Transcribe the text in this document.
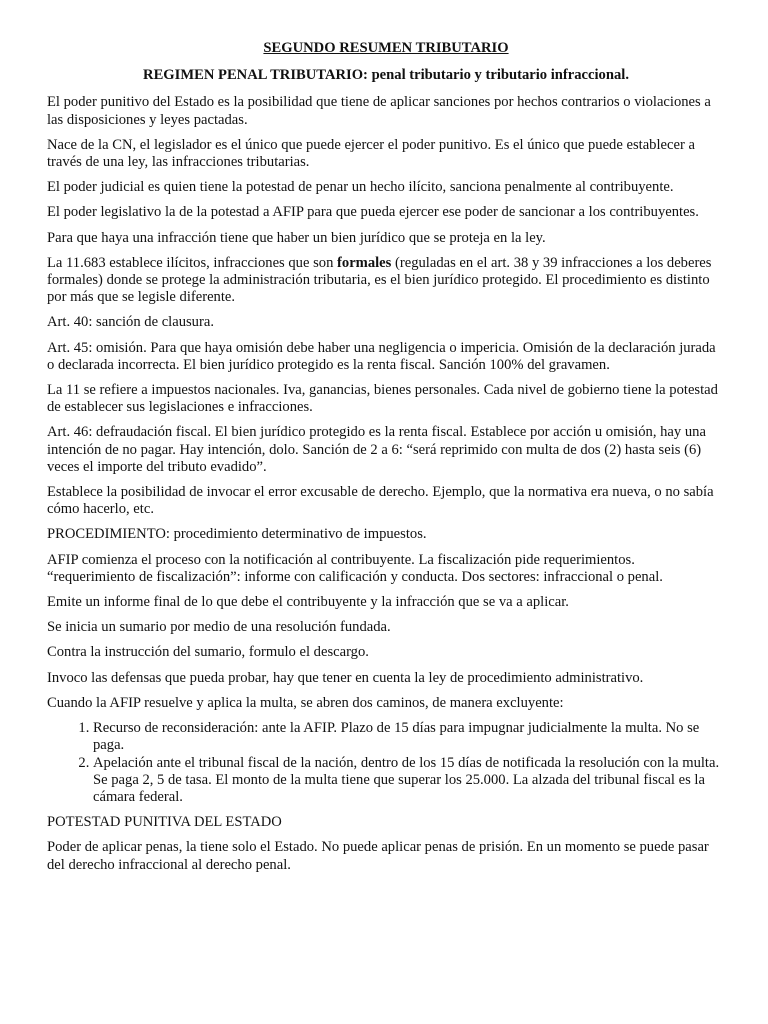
SEGUNDO RESUMEN TRIBUTARIO
REGIMEN PENAL TRIBUTARIO: penal tributario y tributario infraccional.

El poder punitivo del Estado es la posibilidad que tiene de aplicar sanciones por hechos contrarios o violaciones a las disposiciones y leyes pactadas.

Nace de la CN, el legislador es el único que puede ejercer el poder punitivo. Es el único que puede establecer a través de una ley, las infracciones tributarias.

El poder judicial es quien tiene la potestad de penar un hecho ilícito, sanciona penalmente al contribuyente.

El poder legislativo la de la potestad a AFIP para que pueda ejercer ese poder de sancionar a los contribuyentes.

Para que haya una infracción tiene que haber un bien jurídico que se proteja en la ley.

La 11.683 establece ilícitos, infracciones que son formales (reguladas en el art. 38 y 39 infracciones a los deberes formales) donde se protege la administración tributaria, es el bien jurídico protegido. El procedimiento es distinto por más que se legisle diferente.

Art. 40: sanción de clausura.

Art. 45: omisión. Para que haya omisión debe haber una negligencia o impericia. Omisión de la declaración jurada o declarada incorrecta. El bien jurídico protegido es la renta fiscal. Sanción 100% del gravamen.

La 11 se refiere a impuestos nacionales. Iva, ganancias, bienes personales. Cada nivel de gobierno tiene la potestad de establecer sus legislaciones e infracciones.

Art. 46: defraudación fiscal. El bien jurídico protegido es la renta fiscal. Establece por acción u omisión, hay una intención de no pagar. Hay intención, dolo. Sanción de 2 a 6: “será reprimido con multa de dos (2) hasta seis (6) veces el importe del tributo evadido”.

Establece la posibilidad de invocar el error excusable de derecho. Ejemplo, que la normativa era nueva, o no sabía cómo hacerlo, etc.

PROCEDIMIENTO: procedimiento determinativo de impuestos.

AFIP comienza el proceso con la notificación al contribuyente. La fiscalización pide requerimientos. “requerimiento de fiscalización”: informe con calificación y conducta. Dos sectores: infraccional o penal.

Emite un informe final de lo que debe el contribuyente y la infracción que se va a aplicar.

Se inicia un sumario por medio de una resolución fundada.

Contra la instrucción del sumario, formulo el descargo.

Invoco las defensas que pueda probar, hay que tener en cuenta la ley de procedimiento administrativo.

Cuando la AFIP resuelve y aplica la multa, se abren dos caminos, de manera excluyente:

1. Recurso de reconsideración: ante la AFIP. Plazo de 15 días para impugnar judicialmente la multa. No se paga.
2. Apelación ante el tribunal fiscal de la nación, dentro de los 15 días de notificada la resolución con la multa. Se paga 2, 5 de tasa. El monto de la multa tiene que superar los 25.000. La alzada del tribunal fiscal es la cámara federal.

POTESTAD PUNITIVA DEL ESTADO

Poder de aplicar penas, la tiene solo el Estado. No puede aplicar penas de prisión. En un momento se puede pasar del derecho infraccional al derecho penal.
